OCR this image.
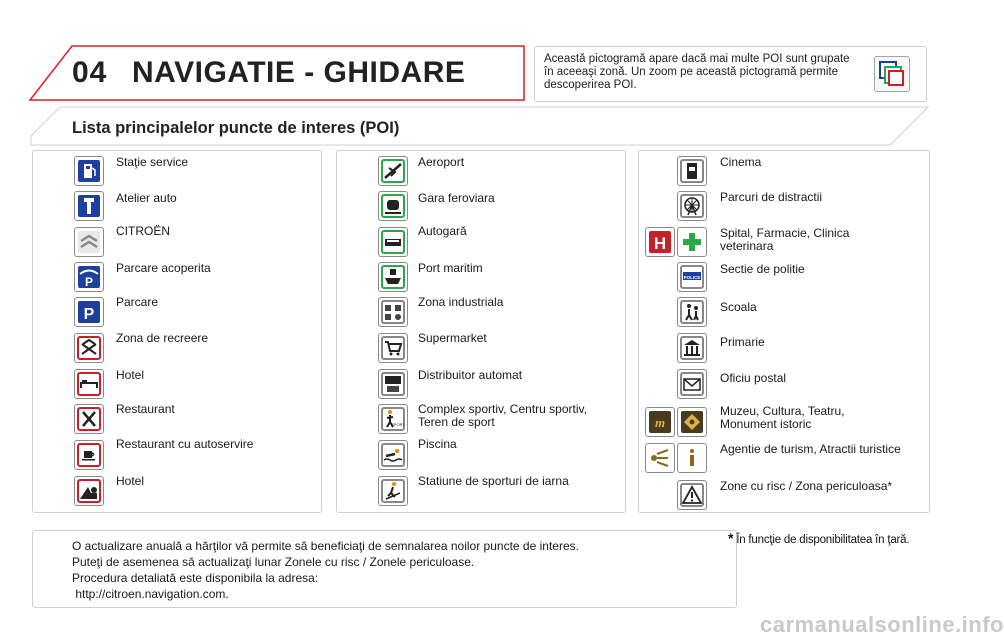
04 NAVIGATIE - GHIDARE	Această pictogramă apare dacă mai multe POI sunt grupate în aceeaşi zonă. Un zoom pe această pictogramă permite descoperirea POI.
Lista principalelor puncte de interes (POI)
Staţie service
Atelier auto
CITROËN
P
Parcare acoperita
P
Parcare
Zona de recreere
Hotel
Restaurant
Restaurant cu autoservire
Hotel
Aeroport
Gara feroviara
Autogară
Port maritim
Zona industriala
Supermarket
Distribuitor automat
SPORT
Complex sportiv, Centru sportiv, Teren de sport
Piscina
Statiune de sporturi de iarna
Cinema
Parcuri de distractii
H
Spital, Farmacie, Clinica veterinara
POLICE
Sectie de politie
Scoala
Primarie
Oficiu postal
m
Muzeu, Cultura, Teatru, Monument istoric
Agentie de turism, Atractii turistice
Zone cu risc / Zona periculoasa*
O actualizare anuală a hărţilor vă permite să beneficiaţi de semnalarea noilor puncte de interes.
Puteţi de asemenea să actualizaţi lunar Zonele cu risc / Zonele periculoase.
Procedura detaliată este disponibila la adresa:
http://citroen.navigation.com.
* În funcţie de disponibilitatea în ţară.
carmanualsonline.info
